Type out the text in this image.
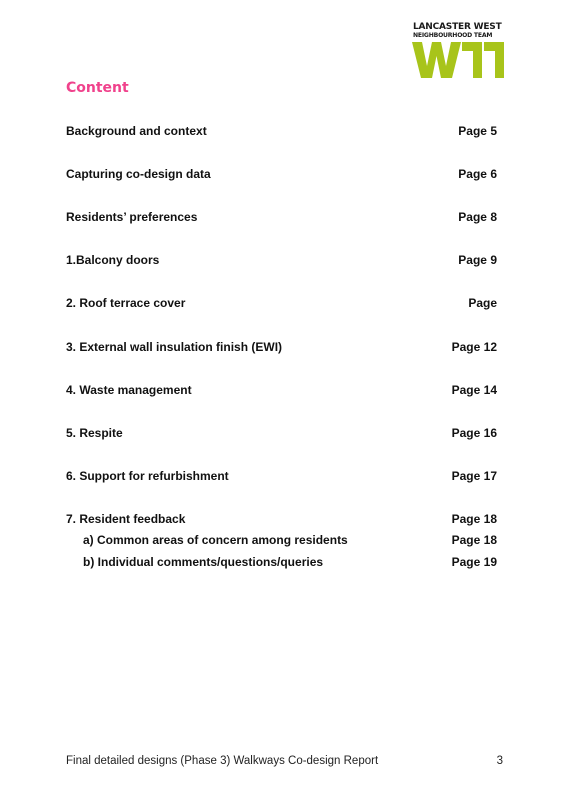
LANCASTER WEST
NEIGHBOURHOOD TEAM
Content
Background and context	Page 5
Capturing co-design data	Page 6
Residents’ preferences	Page 8
1.Balcony doors	Page 9
2. Roof terrace cover	Page
3. External wall insulation finish (EWI)	Page 12
4. Waste management	Page 14
5. Respite	Page 16
6. Support for refurbishment	Page 17
7. Resident feedback	Page 18
a) Common areas of concern among residents	Page 18
b) Individual comments/questions/queries	Page 19
Final detailed designs (Phase 3) Walkways Co-design Report	3
